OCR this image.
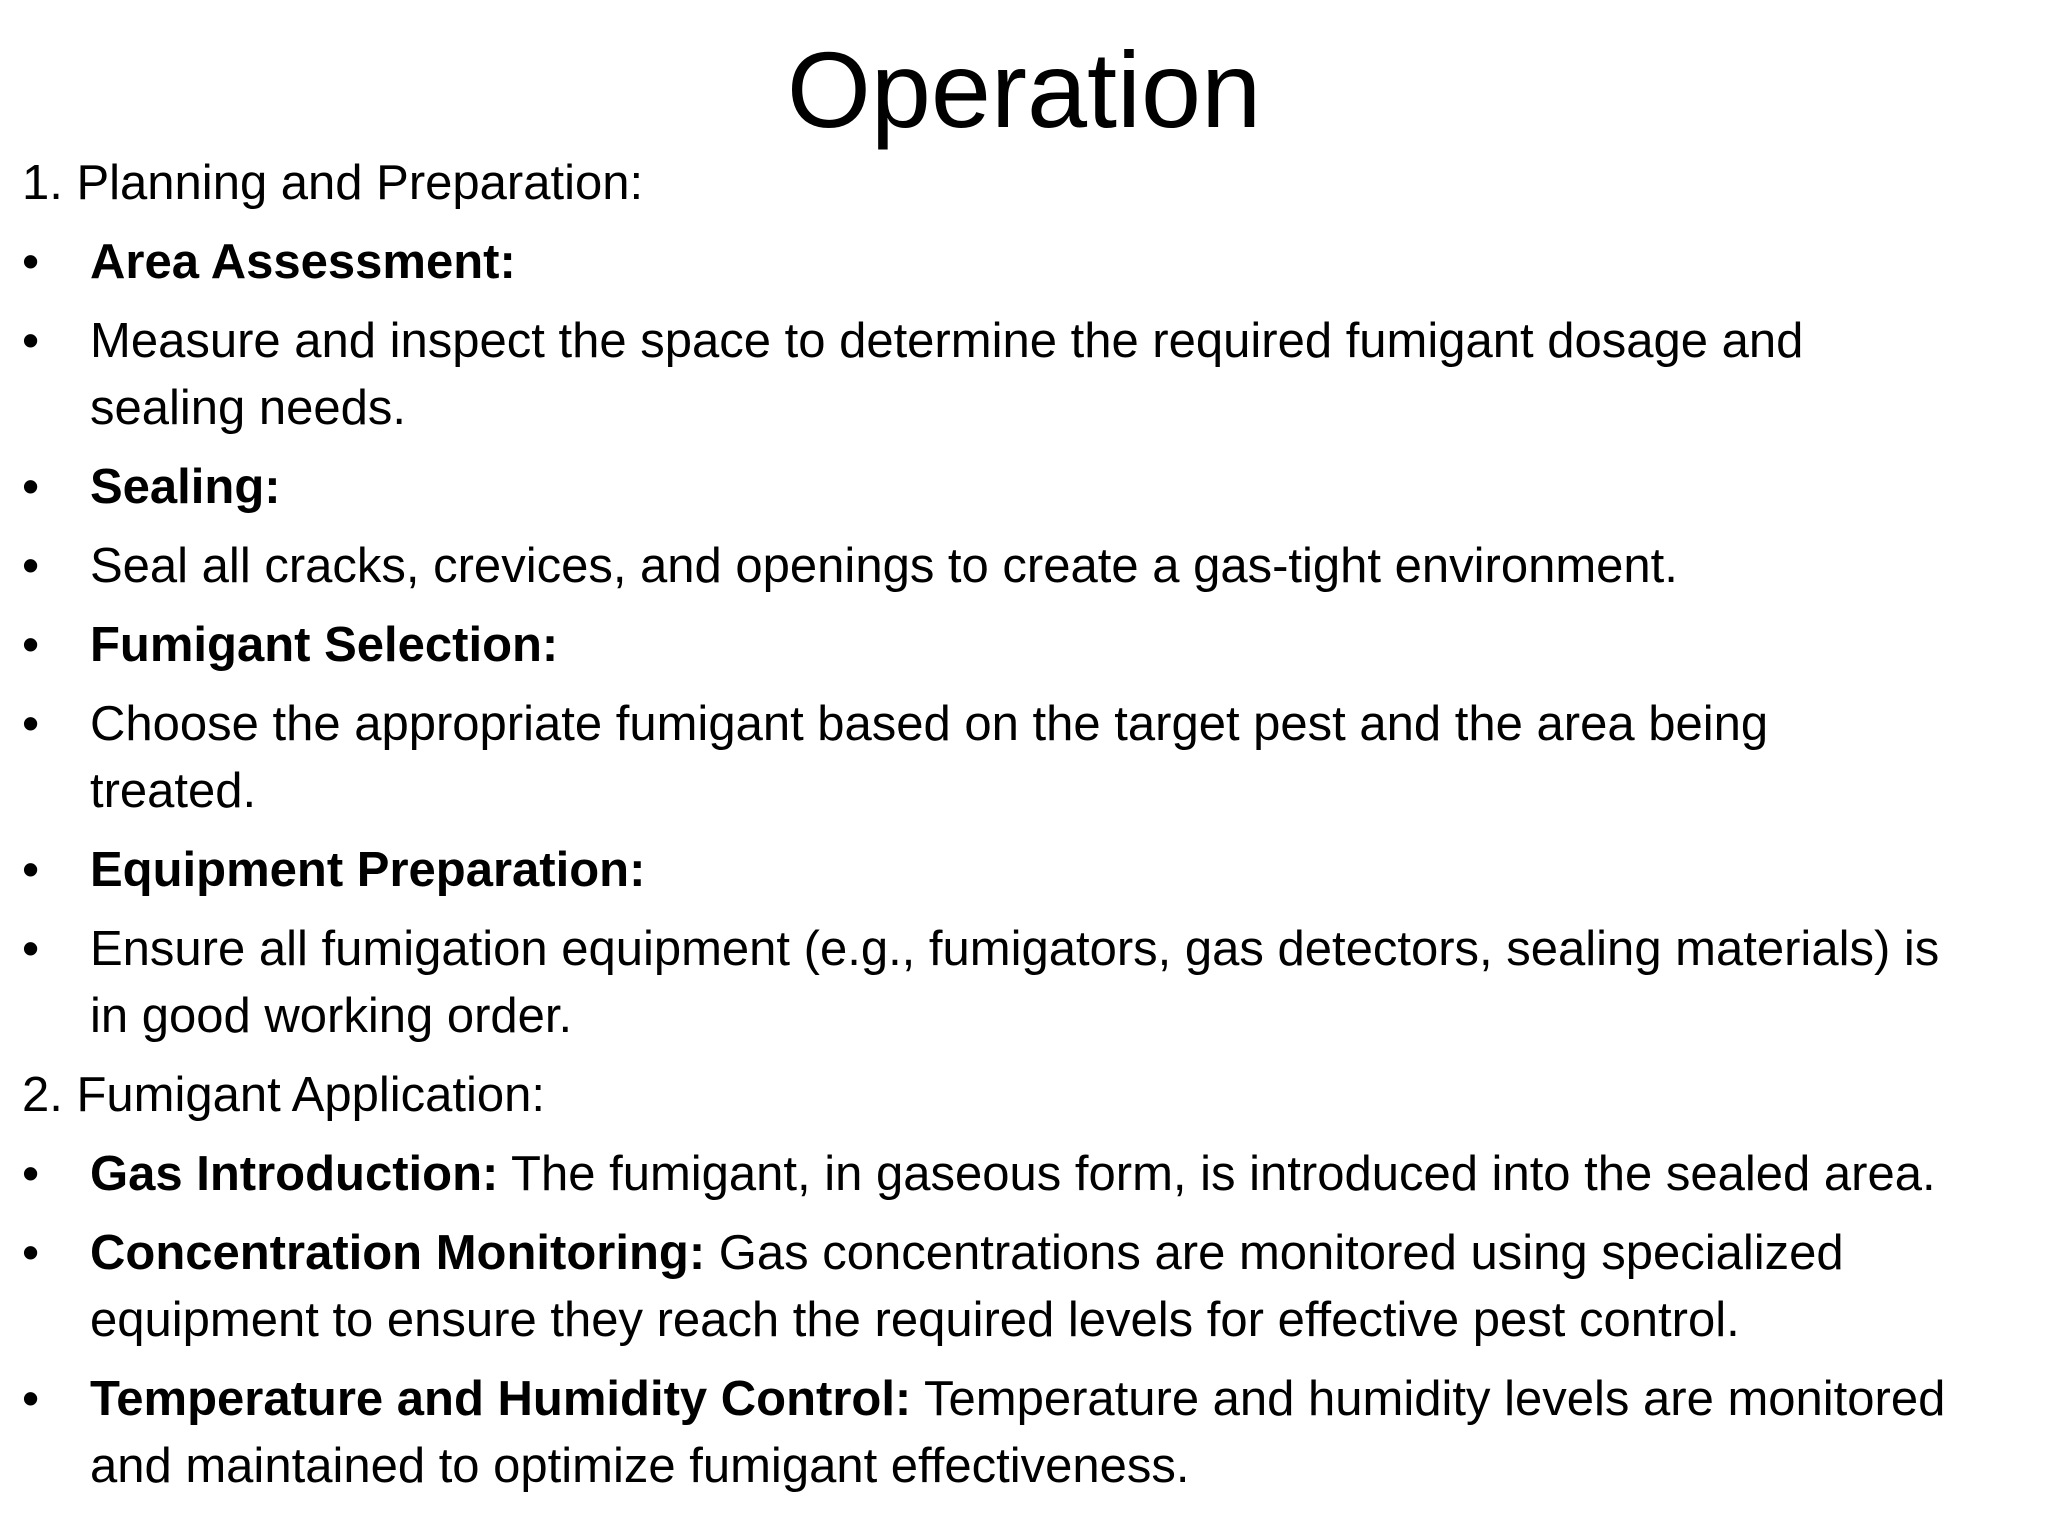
Operation
1. Planning and Preparation:
•	Area Assessment:
•	Measure and inspect the space to determine the required fumigant dosage and
sealing needs.
•	Sealing:
•	Seal all cracks, crevices, and openings to create a gas-tight environment.
•	Fumigant Selection:
•	Choose the appropriate fumigant based on the target pest and the area being
treated.
•	Equipment Preparation:
•	Ensure all fumigation equipment (e.g., fumigators, gas detectors, sealing materials) is
in good working order.
2. Fumigant Application:
•	Gas Introduction: The fumigant, in gaseous form, is introduced into the sealed area.
•	Concentration Monitoring: Gas concentrations are monitored using specialized
equipment to ensure they reach the required levels for effective pest control.
•	Temperature and Humidity Control: Temperature and humidity levels are monitored
and maintained to optimize fumigant effectiveness.
